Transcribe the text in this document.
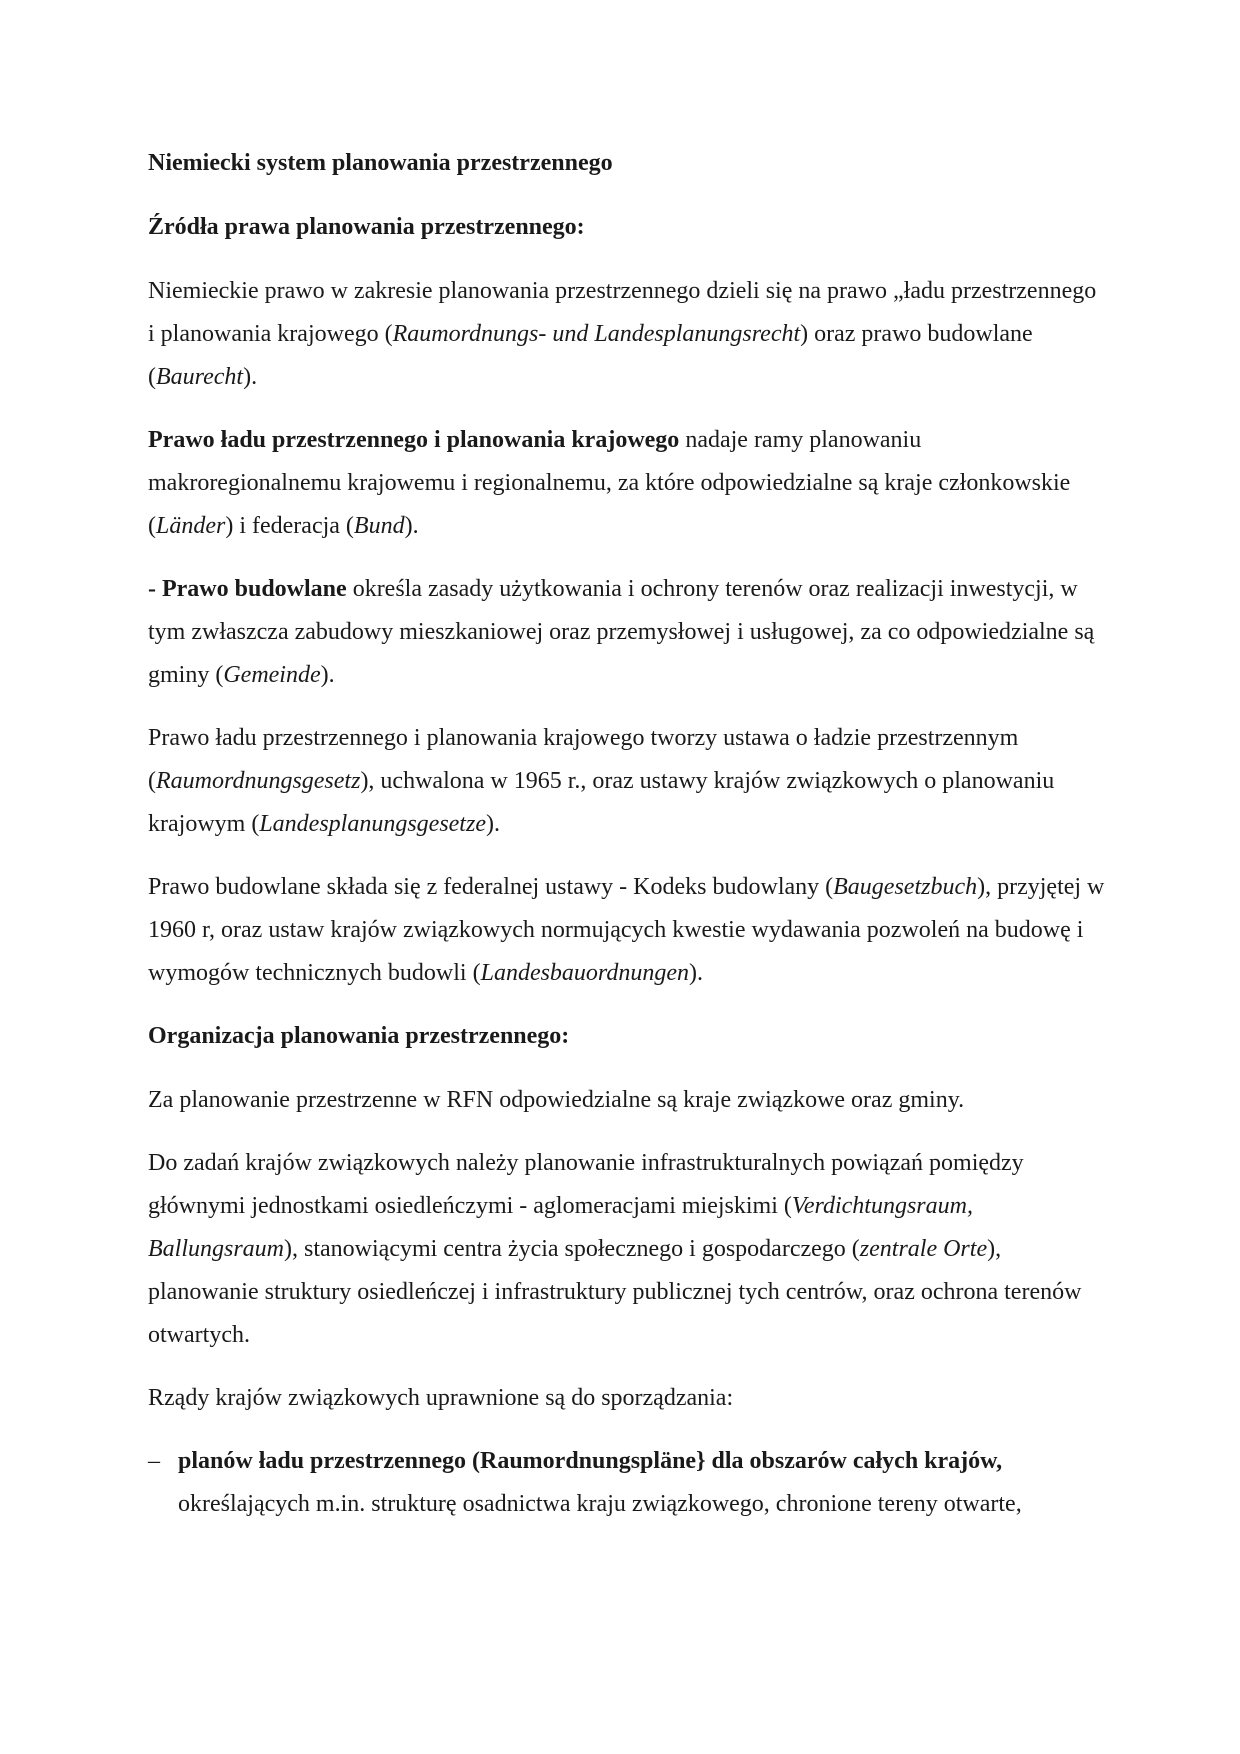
Niemiecki system planowania przestrzennego

Źródła prawa planowania przestrzennego:

Niemieckie prawo w zakresie planowania przestrzennego dzieli się na prawo „ładu przestrzennego i planowania krajowego (Raumordnungs- und Landesplanungsrecht) oraz prawo budowlane (Baurecht).

Prawo ładu przestrzennego i planowania krajowego nadaje ramy planowaniu makroregionalnemu krajowemu i regionalnemu, za które odpowiedzialne są kraje członkowskie (Länder) i federacja (Bund).

- Prawo budowlane określa zasady użytkowania i ochrony terenów oraz realizacji inwestycji, w tym zwłaszcza zabudowy mieszkaniowej oraz przemysłowej i usługowej, za co odpowiedzialne są gminy (Gemeinde).

Prawo ładu przestrzennego i planowania krajowego tworzy ustawa o ładzie przestrzennym (Raumordnungsgesetz), uchwalona w 1965 r., oraz ustawy krajów związkowych o planowaniu krajowym (Landesplanungsgesetze).

Prawo budowlane składa się z federalnej ustawy - Kodeks budowlany (Baugesetzbuch), przyjętej w 1960 r, oraz ustaw krajów związkowych normujących kwestie wydawania pozwoleń na budowę i wymogów technicznych budowli (Landesbauordnungen).

Organizacja planowania przestrzennego:

Za planowanie przestrzenne w RFN odpowiedzialne są kraje związkowe oraz gminy.

Do zadań krajów związkowych należy planowanie infrastrukturalnych powiązań pomiędzy głównymi jednostkami osiedleńczymi - aglomeracjami miejskimi (Verdichtungsraum, Ballungsraum), stanowiącymi centra życia społecznego i gospodarczego (zentrale Orte), planowanie struktury osiedleńczej i infrastruktury publicznej tych centrów, oraz ochrona terenów otwartych.

Rządy krajów związkowych uprawnione są do sporządzania:

– planów ładu przestrzennego (Raumordnungspläne} dla obszarów całych krajów, określających m.in. strukturę osadnictwa kraju związkowego, chronione tereny otwarte,
